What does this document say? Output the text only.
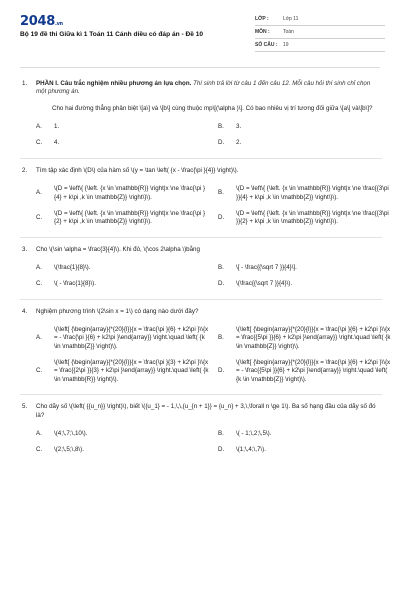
2048.vn
Bộ 19 đề thi Giữa kì 1 Toán 11 Cánh diều có đáp án - Đề 10
LỚP :	Lớp 11
MÔN :	Toán
SỐ CÂU :	19
1. PHẦN I. Câu trắc nghiệm nhiều phương án lựa chọn. Thí sinh trả lời từ câu 1 đến câu 12. Mỗi câu hỏi thí sinh chỉ chọn một phương án.
Cho hai đường thẳng phân biệt \[a\] và \[b\] cùng thuộc mp\[(\alpha )\]. Có bao nhiêu vị trí tương đối giữa \[a\] và\[b\]?
A.	1.	B.	3.
C.	4.	D.	2.
2. Tìm tập xác định \(D\) của hàm số \(y = \tan \left( {x - \frac{\pi }{4}} \right)\).
A.
\(D = \left\{ {\left. {x \in \mathbb{R}} \right|x \ne \frac{\pi }{4} + k\pi ,k \in \mathbb{Z}} \right\}\).
B.
\(D = \left\{ {\left. {x \in \mathbb{R}} \right|x \ne \frac{{3\pi }}{4} + k\pi ,k \in \mathbb{Z}} \right\}\).
C.
\(D = \left\{ {\left. {x \in \mathbb{R}} \right|x \ne \frac{\pi }{2} + k\pi ,k \in \mathbb{Z}} \right\}\).
D.
\(D = \left\{ {\left. {x \in \mathbb{R}} \right|x \ne \frac{{3\pi }}{2} + k\pi ,k \in \mathbb{Z}} \right\}\).
3. Cho \(\sin \alpha = \frac{3}{4}\). Khi đó, \(\cos 2\alpha \)bằng
A.	\(\frac{1}{8}\).	B.	\[ - \frac{{\sqrt 7 }}{4}\].
C.	\( - \frac{1}{8}\).	D.	\(\frac{{\sqrt 7 }}{4}\).
4. Nghiệm phương trình \(2\sin x = 1\) có dạng nào dưới đây?
A.
\(\left[ {\begin{array}{*{20}{l}}{x = \frac{\pi }{6} + k2\pi }\\{x = - \frac{\pi }{6} + k2\pi }\end{array}} \right.\quad \left( {k \in \mathbb{Z}} \right)\).
B.
\(\left[ {\begin{array}{*{20}{l}}{x = \frac{\pi }{6} + k2\pi }\\{x = \frac{{5\pi }}{6} + k2\pi }\end{array}} \right.\quad \left( {k \in \mathbb{Z}} \right)\).
C.
\(\left[ {\begin{array}{*{20}{l}}{x = \frac{\pi }{3} + k2\pi }\\{x = \frac{{2\pi }}{3} + k2\pi }\end{array}} \right.\quad \left( {k \in \mathbb{R}} \right)\).
D.
\(\left[ {\begin{array}{*{20}{l}}{x = \frac{\pi }{6} + k2\pi }\\{x = - \frac{{5\pi }}{6} + k2\pi }\end{array}} \right.\quad \left( {k \in \mathbb{Z}} \right)\).
5. Cho dãy số \(\left( {{u_n}} \right)\), biết \({u_1} = - 1,\,\,{u_{n + 1}} = {u_n} + 3,\,\forall n \ge 1\). Ba số hạng đầu của dãy số đó là?
A.	\(4;\,7;\,10\).	B.	\( - 1;\,2;\,5\).
C.	\(2;\,5;\,8\).	D.	\(1;\,4;\,7\).
